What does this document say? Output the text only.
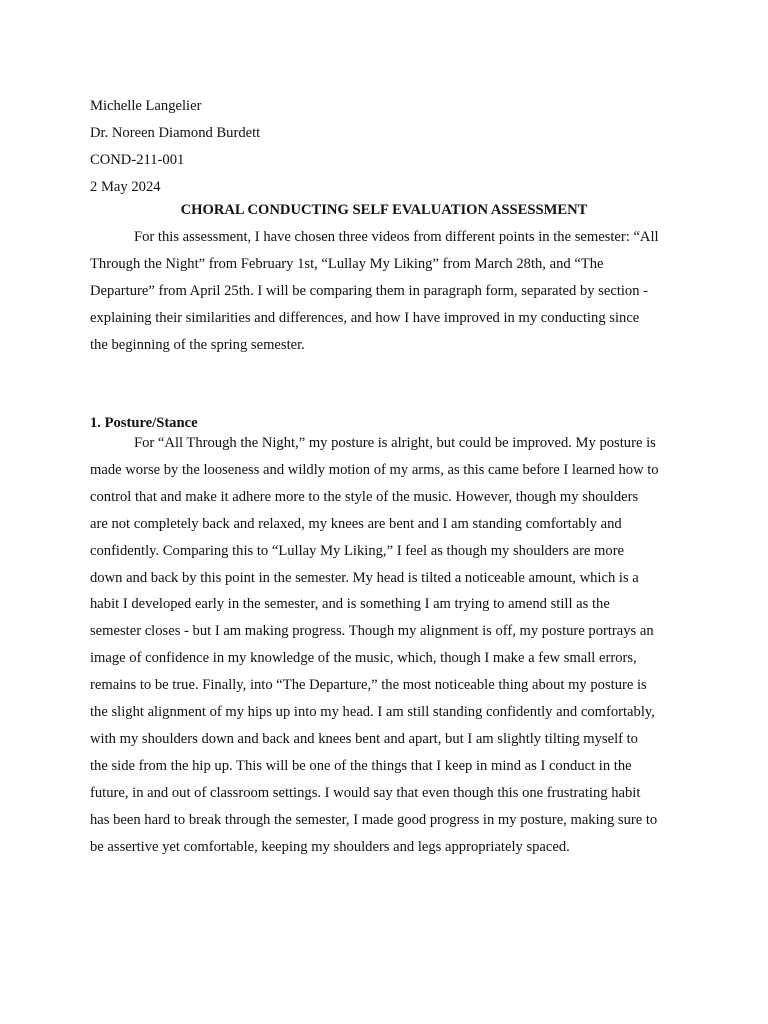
Michelle Langelier
Dr. Noreen Diamond Burdett
COND-211-001
2 May 2024
CHORAL CONDUCTING SELF EVALUATION ASSESSMENT
For this assessment, I have chosen three videos from different points in the semester: “All
Through the Night” from February 1st, “Lullay My Liking” from March 28th, and “The
Departure” from April 25th. I will be comparing them in paragraph form, separated by section -
explaining their similarities and differences, and how I have improved in my conducting since
the beginning of the spring semester.
1. Posture/Stance
For “All Through the Night,” my posture is alright, but could be improved. My posture is
made worse by the looseness and wildly motion of my arms, as this came before I learned how to
control that and make it adhere more to the style of the music. However, though my shoulders
are not completely back and relaxed, my knees are bent and I am standing comfortably and
confidently. Comparing this to “Lullay My Liking,” I feel as though my shoulders are more
down and back by this point in the semester. My head is tilted a noticeable amount, which is a
habit I developed early in the semester, and is something I am trying to amend still as the
semester closes - but I am making progress. Though my alignment is off, my posture portrays an
image of confidence in my knowledge of the music, which, though I make a few small errors,
remains to be true. Finally, into “The Departure,” the most noticeable thing about my posture is
the slight alignment of my hips up into my head. I am still standing confidently and comfortably,
with my shoulders down and back and knees bent and apart, but I am slightly tilting myself to
the side from the hip up. This will be one of the things that I keep in mind as I conduct in the
future, in and out of classroom settings. I would say that even though this one frustrating habit
has been hard to break through the semester, I made good progress in my posture, making sure to
be assertive yet comfortable, keeping my shoulders and legs appropriately spaced.
